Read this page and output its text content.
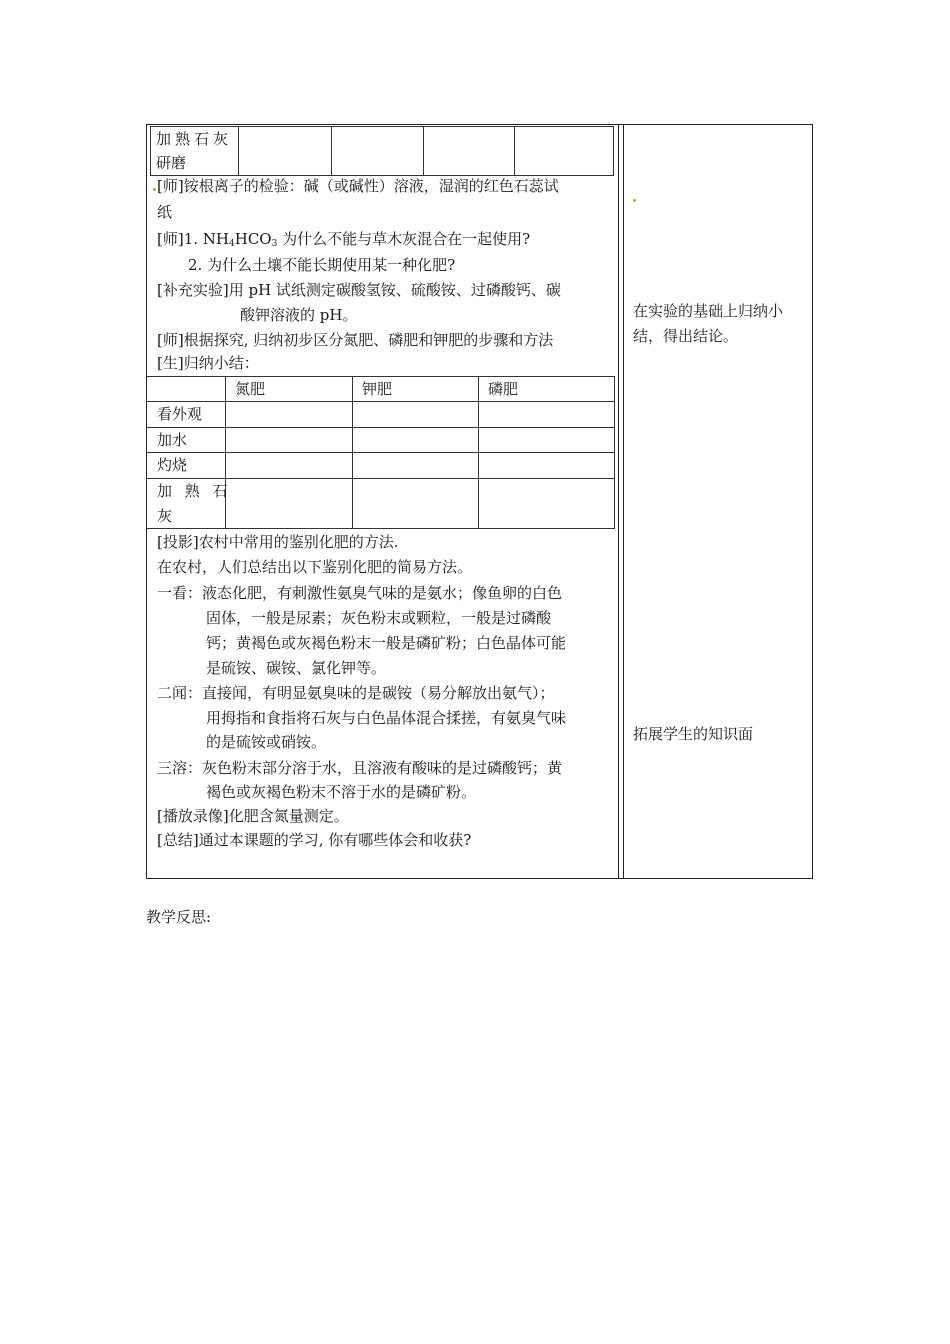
加熟石灰
研磨
[师]铵根离子的检验：碱（或碱性）溶液，湿润的红色石蕊试
纸
[师]1. $NH_4HCO_3$ 为什么不能与草木灰混合在一起使用?
2. 为什么土壤不能长期使用某一种化肥?
[补充实验]用 pH 试纸测定碳酸氢铵、硫酸铵、过磷酸钙、碳
酸钾溶液的 pH。
[师]根据探究, 归纳初步区分氮肥、磷肥和钾肥的步骤和方法
[生]归纳小结：
氮肥	钾肥	磷肥
看外观
加水
灼烧
加 熟 石
灰
[投影]农村中常用的鉴别化肥的方法.
在农村，人们总结出以下鉴别化肥的简易方法。
一看：液态化肥，有刺激性氨臭气味的是氨水；像鱼卵的白色
固体，一般是尿素；灰色粉末或颗粒，一般是过磷酸
钙；黄褐色或灰褐色粉末一般是磷矿粉；白色晶体可能
是硫铵、碳铵、氯化钾等。
二闻：直接闻，有明显氨臭味的是碳铵（易分解放出氨气）；
用拇指和食指将石灰与白色晶体混合揉搓，有氨臭气味
的是硫铵或硝铵。
三溶：灰色粉末部分溶于水，且溶液有酸味的是过磷酸钙；黄
褐色或灰褐色粉末不溶于水的是磷矿粉。
[播放录像]化肥含氮量测定。
[总结]通过本课题的学习, 你有哪些体会和收获?
在实验的基础上归纳小
结，得出结论。
拓展学生的知识面
教学反思:
